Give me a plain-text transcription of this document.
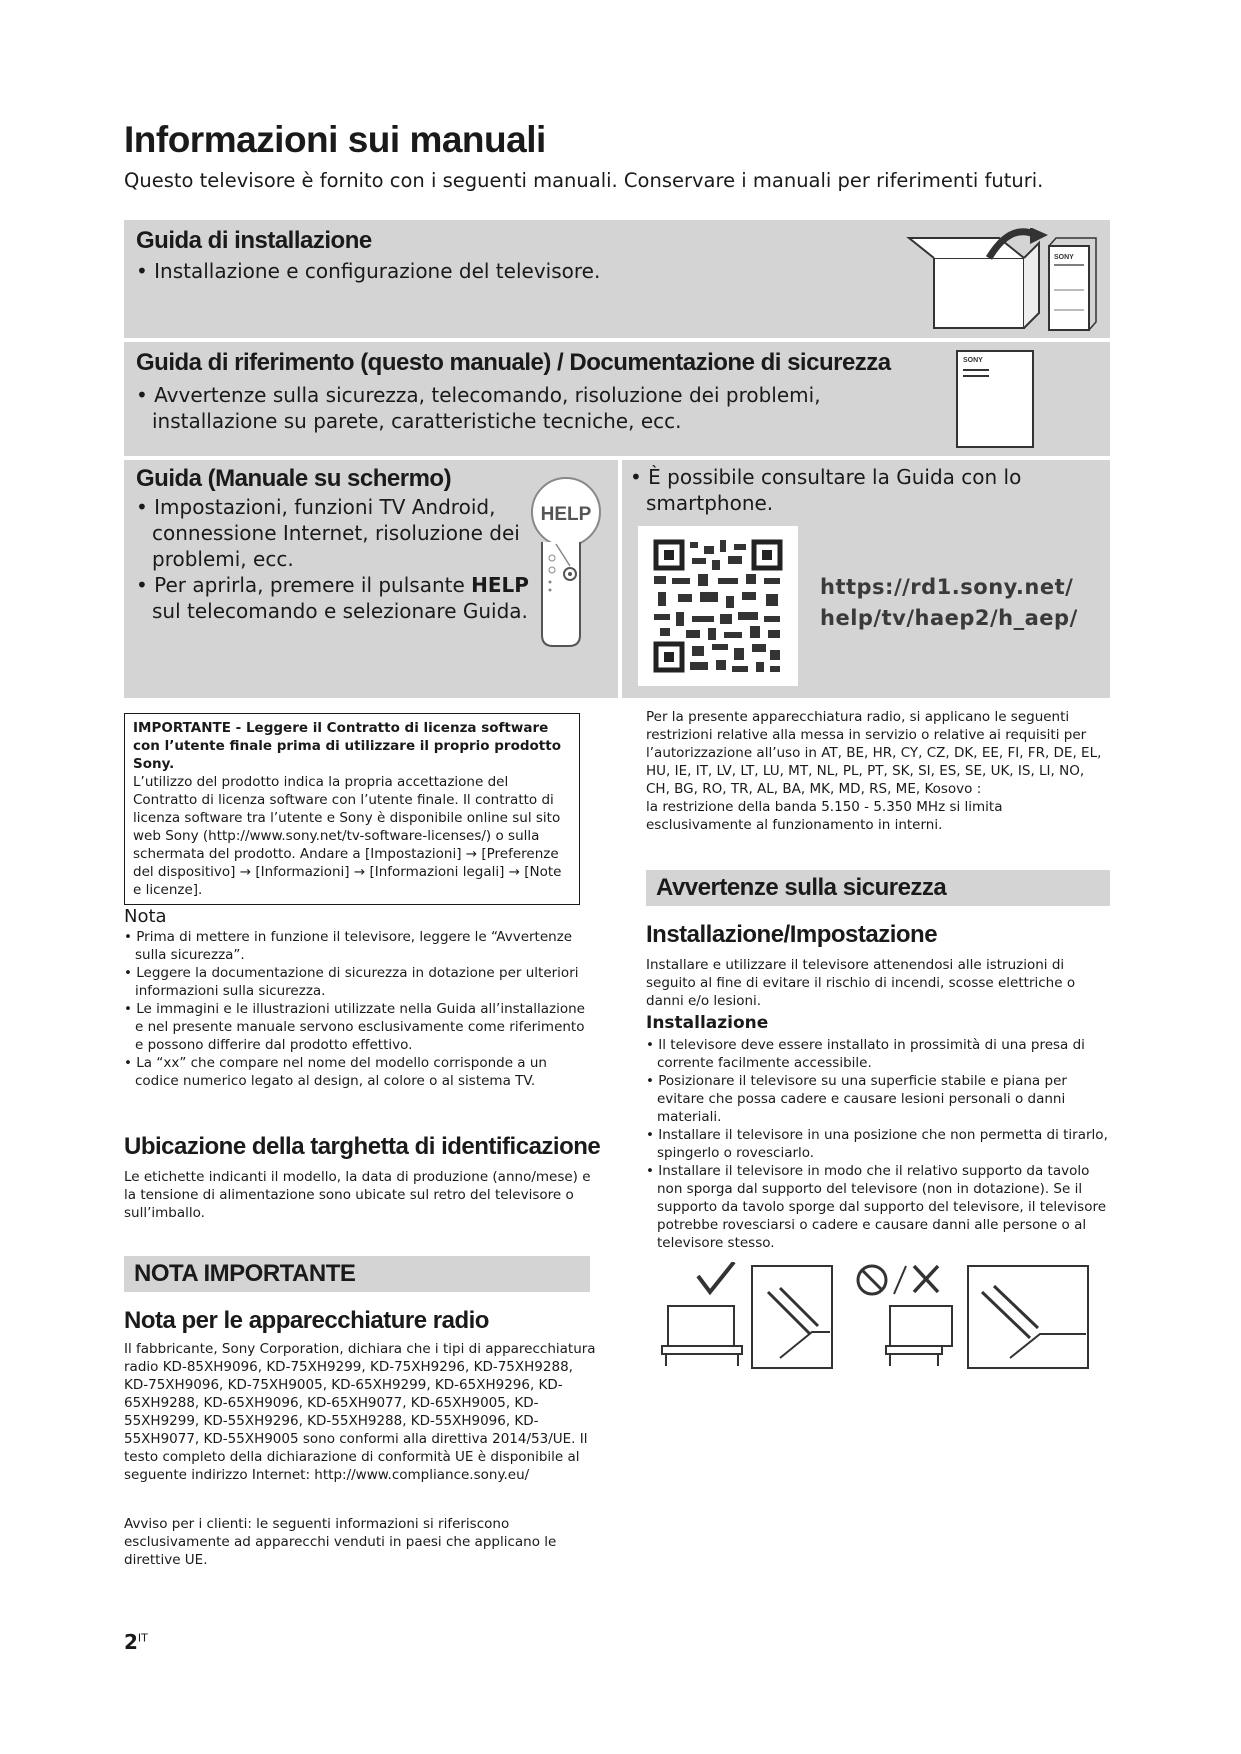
Informazioni sui manuali
Questo televisore è fornito con i seguenti manuali. Conservare i manuali per riferimenti futuri.
Guida di installazione
• Installazione e configurazione del televisore.
SONY
Guida di riferimento (questo manuale) / Documentazione di sicurezza
• Avvertenze sulla sicurezza, telecomando, risoluzione dei problemi, installazione su parete, caratteristiche tecniche, ecc.
SONY
Guida (Manuale su schermo)
• Impostazioni, funzioni TV Android, connessione Internet, risoluzione dei problemi, ecc.
• Per aprirla, premere il pulsante HELP sul telecomando e selezionare Guida.
HELP
• È possibile consultare la Guida con lo smartphone.
https://rd1.sony.net/
help/tv/haep2/h_aep/
IMPORTANTE - Leggere il Contratto di licenza software con l’utente finale prima di utilizzare il proprio prodotto Sony.
L’utilizzo del prodotto indica la propria accettazione del Contratto di licenza software con l’utente finale. Il contratto di licenza software tra l’utente e Sony è disponibile online sul sito web Sony (http://www.sony.net/tv-software-licenses/) o sulla schermata del prodotto. Andare a [Impostazioni] → [Preferenze del dispositivo] → [Informazioni] → [Informazioni legali] → [Note e licenze].
Nota
• Prima di mettere in funzione il televisore, leggere le “Avvertenze sulla sicurezza”.
• Leggere la documentazione di sicurezza in dotazione per ulteriori informazioni sulla sicurezza.
• Le immagini e le illustrazioni utilizzate nella Guida all’installazione e nel presente manuale servono esclusivamente come riferimento e possono differire dal prodotto effettivo.
• La “xx” che compare nel nome del modello corrisponde a un codice numerico legato al design, al colore o al sistema TV.
Ubicazione della targhetta di identificazione
Le etichette indicanti il modello, la data di produzione (anno/mese) e la tensione di alimentazione sono ubicate sul retro del televisore o sull’imballo.
NOTA IMPORTANTE
Nota per le apparecchiature radio
Il fabbricante, Sony Corporation, dichiara che i tipi di apparecchiatura radio KD-85XH9096, KD-75XH9299, KD-75XH9296, KD-75XH9288, KD-75XH9096, KD-75XH9005, KD-65XH9299, KD-65XH9296, KD-65XH9288, KD-65XH9096, KD-65XH9077, KD-65XH9005, KD-55XH9299, KD-55XH9296, KD-55XH9288, KD-55XH9096, KD-55XH9077, KD-55XH9005 sono conformi alla direttiva 2014/53/UE. Il testo completo della dichiarazione di conformità UE è disponibile al seguente indirizzo Internet: http://www.compliance.sony.eu/
Avviso per i clienti: le seguenti informazioni si riferiscono esclusivamente ad apparecchi venduti in paesi che applicano le direttive UE.
Per la presente apparecchiatura radio, si applicano le seguenti restrizioni relative alla messa in servizio o relative ai requisiti per l’autorizzazione all’uso in AT, BE, HR, CY, CZ, DK, EE, FI, FR, DE, EL, HU, IE, IT, LV, LT, LU, MT, NL, PL, PT, SK, SI, ES, SE, UK, IS, LI, NO, CH, BG, RO, TR, AL, BA, MK, MD, RS, ME, Kosovo :
la restrizione della banda 5.150 - 5.350 MHz si limita esclusivamente al funzionamento in interni.
Avvertenze sulla sicurezza
Installazione/Impostazione
Installare e utilizzare il televisore attenendosi alle istruzioni di seguito al fine di evitare il rischio di incendi, scosse elettriche o danni e/o lesioni.
Installazione
• Il televisore deve essere installato in prossimità di una presa di corrente facilmente accessibile.
• Posizionare il televisore su una superficie stabile e piana per evitare che possa cadere e causare lesioni personali o danni materiali.
• Installare il televisore in una posizione che non permetta di tirarlo, spingerlo o rovesciarlo.
• Installare il televisore in modo che il relativo supporto da tavolo non sporga dal supporto del televisore (non in dotazione). Se il supporto da tavolo sporge dal supporto del televisore, il televisore potrebbe rovesciarsi o cadere e causare danni alle persone o al televisore stesso.
$2^{IT}$
